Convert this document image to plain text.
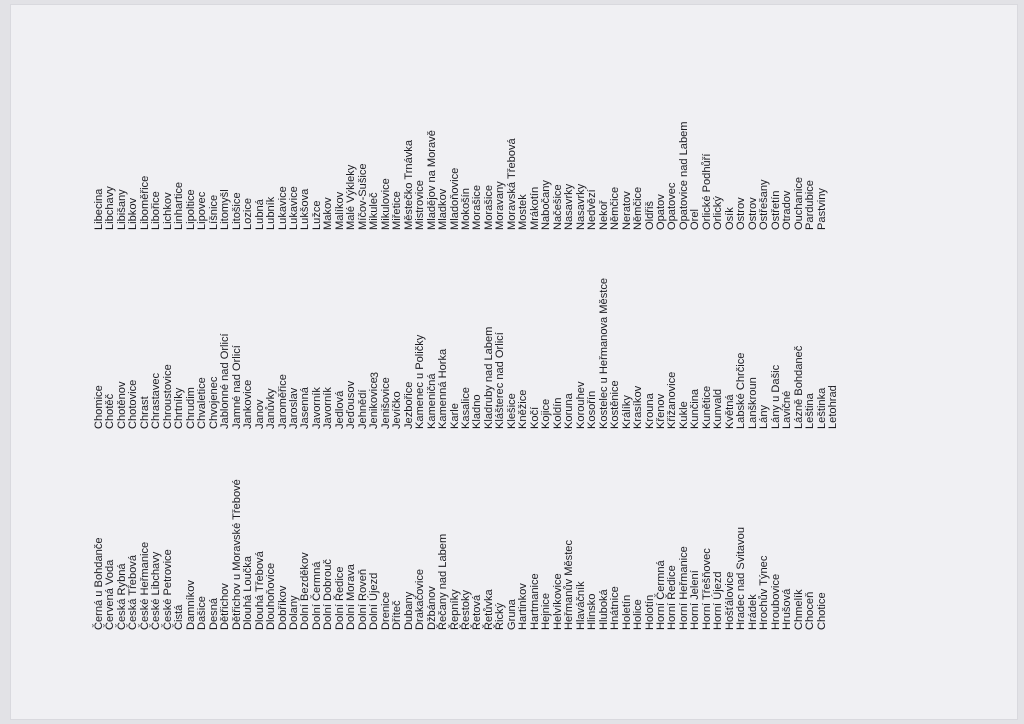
Černá u Bohdanče Červená Voda Česká Rybná Česká Třebová České Heřmanice České Libchavy České Petrovice Čistá Damníkov Dašice Desná Dětřichov Dětřichov u Moravské Třebové Dlouhá Loučka Dlouhá Třebová Dlouhoňovice Dobříkov Dolany Dolní Bezděkov Dolní Čermná Dolní Dobrouč Dolní Ředice Dolní Morava Dolní Roveň Dolní Újezd Drenice Dříteč Dubany Drakačovice Džbánov Řečany nad Labem Řepníky Řestoky Řetová Řetůvka Řický Gruna Hartinkov Hartmanice Hejnice Helvíkovice Heřmanův Městec Hlaváčník Hlinsko Hluboká Hnátnice Holetín Holice Holotín Horní Čermná Horní Ředice Horní Heřmanice Horní Jelení Horní Třešňovec Horní Újezd Hošťálovice Hradec nad Svitavou Hrádek Hrochův Týnec Hroubovice Hrušová Chmelík Choceň Chotice
Chomice Chotěč Chotěnov Chotovice Chrast Chrastavec Chroustovice Chrtníky Chrudim Chvaletice Chvojenec Jablonné nad Orlicí Jamné nad Orlicí Jankovice Janov Janůvky Jaroměřice Jaroslav Jasenná Javorník Javorník Jedlová Jeďousov Jehnědí Jenikovice Jenišovice Jevíčko Jezbořice Kamenec u Poličky Kameničná Kamenná Horka Karle Kasalice Kladno Kladruby nad Labem Klášterec nad Orlicí Klešice Kněžice Kočí Kojice Koldín Koruna Korouhev Kosořín Kostelec u Heřmanova Městce Kostěnice Králíky Krasíkov Krouna Křenov Křižanovice Kukle Kunčina Kunětice Kunvald Květná Labské Chrčice Lanškroun Lány Lány u Dašic Lavičné Lázně Bohdaneč Leština Leštinka Letohrad
Libecina Libchavy Libišany Libkov Liboměřice Libořice Lichkov Linhartice Lipoltice Lipovec Líšnice Litomyšl Litošice Lozice Lubná Lubník Lukavice Lukavice Lukšova Lužce Makov Malíkov Malé Výkleky Míčov-Sušice Mikuleč Mikulovice Miřetice Městečko Trnávka Mistrovice Mladějov na Moravě Mladkov Mladoňovice Mokošín Morašice Morašice Moravany Moravská Třebová Mostek Mrákotín Nabočany Načešice Nasavrky Nasavrky Nedvězí Nekoř Němčice Neratov Němčice Oldřiš Opatov Opatovec Opatovice nad Labem Orel Orlické Podhůří Orlický Osík Ostrov Ostrov Ostřešany Ostřetín Otradov Ouchanice Pardubice Pastviny
3
